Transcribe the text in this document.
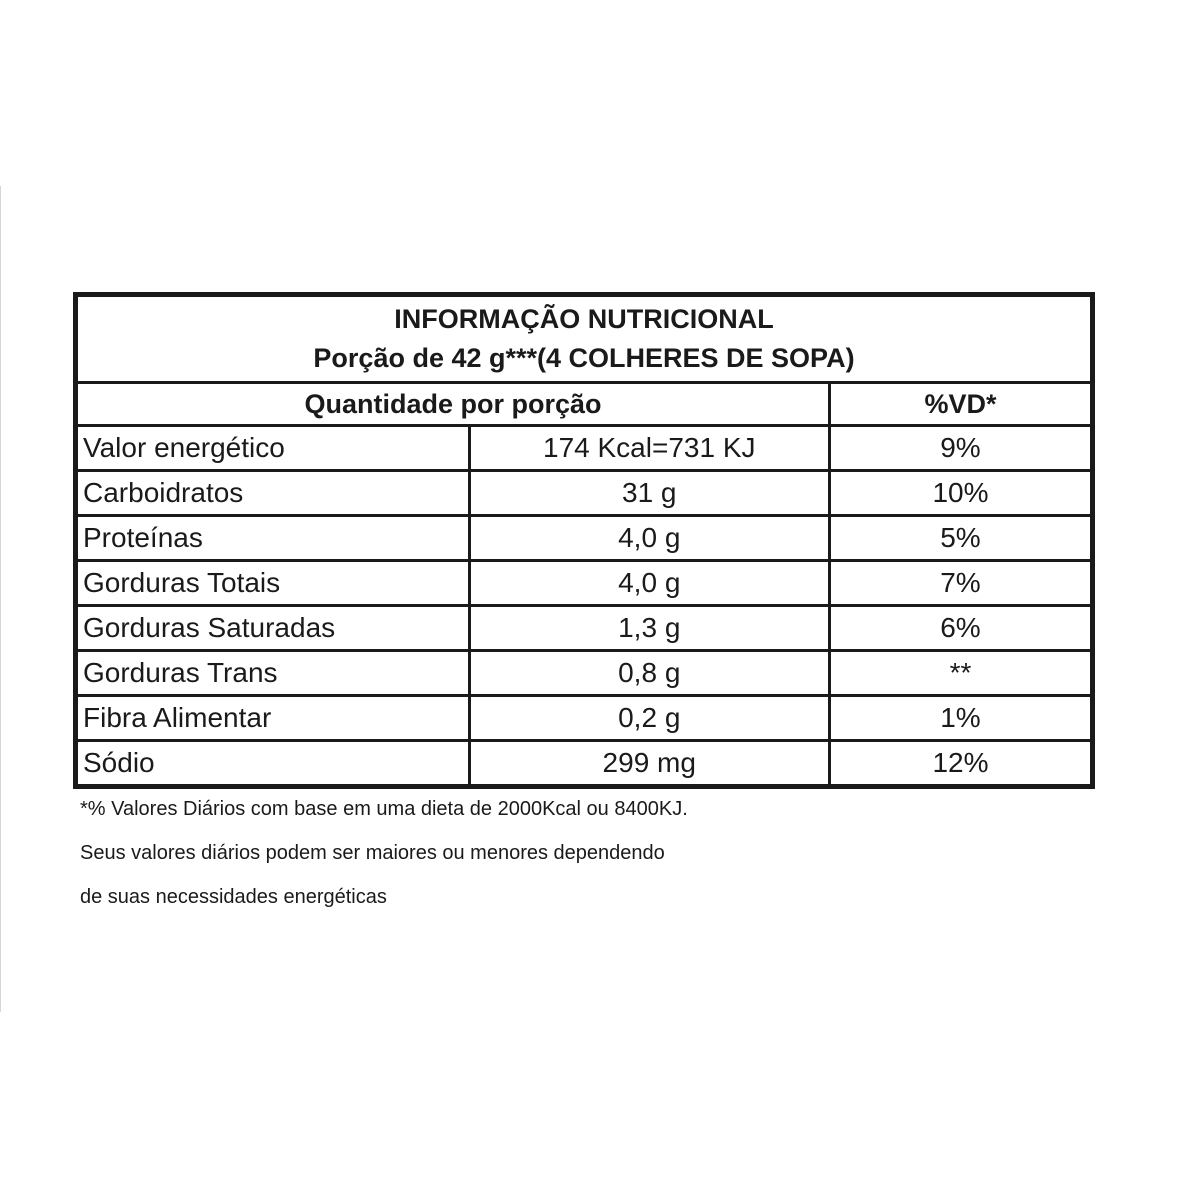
INFORMAÇÃO NUTRICIONAL
Porção de 42 g***(4 COLHERES DE SOPA)		

Quantidade por porção		%VD*
Valor energético	174 Kcal=731 KJ	9%
Carboidratos	31 g	10%
Proteínas	4,0 g	5%
Gorduras Totais	4,0 g	7%
Gorduras Saturadas	1,3 g	6%
Gorduras Trans	0,8 g	**
Fibra Alimentar	0,2 g	1%
Sódio	299 mg	12%
*% Valores Diários com base em uma dieta de 2000Kcal ou 8400KJ.
Seus valores diários podem ser maiores ou menores dependendo
de suas necessidades energéticas
